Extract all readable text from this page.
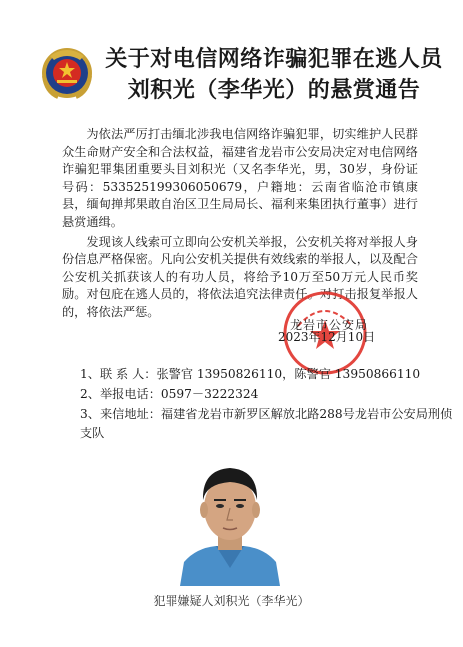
关于对电信网络诈骗犯罪在逃人员
刘积光（李华光）的悬赏通告

为依法严厉打击缅北涉我电信网络诈骗犯罪，切实维护人民群众生命财产安全和合法权益，福建省龙岩市公安局决定对电信网络诈骗犯罪集团重要头目刘积光（又名李华光，男，30岁，身份证号码：533525199306050679，户籍地：云南省临沧市镇康县，缅甸掸邦果敢自治区卫生局局长、福利来集团执行董事）进行悬赏通缉。

发现该人线索可立即向公安机关举报，公安机关将对举报人身份信息严格保密。凡向公安机关提供有效线索的举报人，以及配合公安机关抓获该人的有功人员，将给予10万至50万元人民币奖励。对包庇在逃人员的，将依法追究法律责任。对打击报复举报人的，将依法严惩。

龙岩市公安局
2023年12月10日
1、联 系 人： 张警官 13950826110，陈警官 13950866110
2、举报电话： 0597－3222324
3、来信地址： 福建省龙岩市新罗区解放北路288号龙岩市公安局刑侦
支队
犯罪嫌疑人刘积光（李华光）
